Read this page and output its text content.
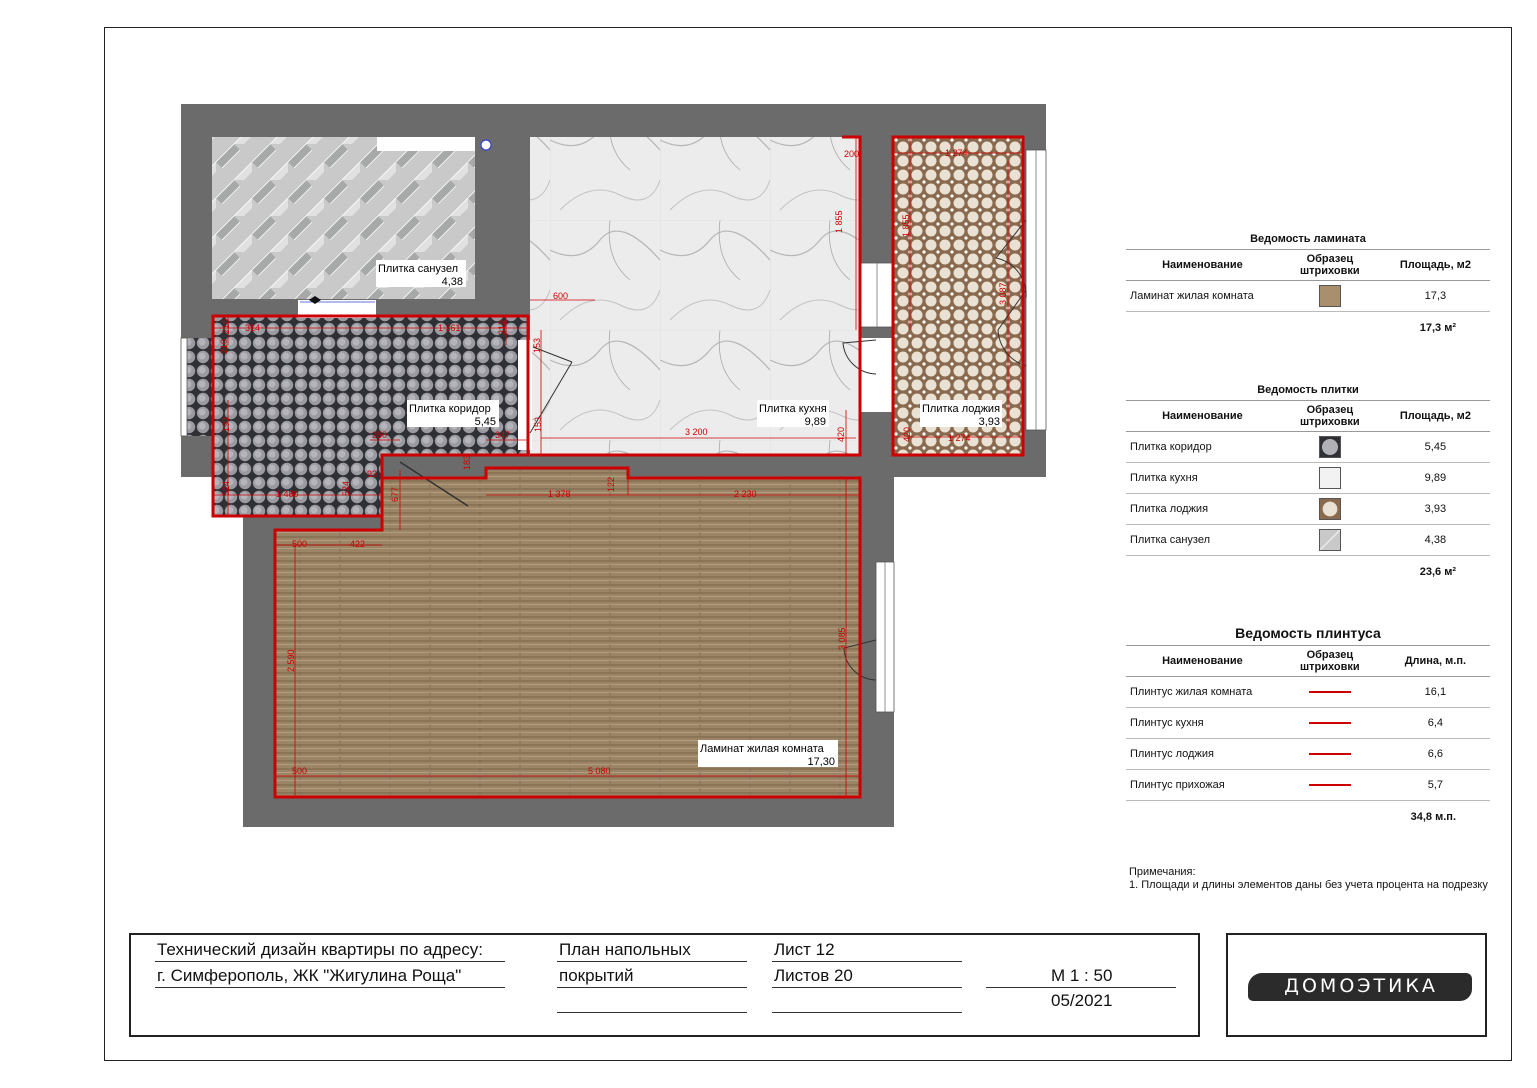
Плитка санузел
4,38
Плитка коридор
5,45
Плитка кухня
9,89
Плитка лоджия
3,93
Ламинат жилая комната
17,30
200	1 274
1 855	1 855
3 087
600
153
3 200	420	420	1 274
210 314	1 361	312
210
193
250	347
153
93
183
1 378
122
2 230
677
524	1 480	524
500	422
2 590
3 085
500	5 080
Ведомость ламината
Наименование	Образец штриховки	Площадь, м2
Ламинат жилая комната		17,3
17,3 м²
Ведомость плитки
Наименование	Образец штриховки	Площадь, м2
Плитка коридор		5,45
Плитка кухня		9,89
Плитка лоджия		3,93
Плитка санузел		4,38
23,6 м²
Ведомость плинтуса
Наименование	Образец штриховки	Длина, м.п.
Плинтус жилая комната		16,1
Плинтус кухня		6,4
Плинтус лоджия		6,6
Плинтус прихожая		5,7
34,8 м.п.
Примечания:
1. Площади и длины элементов даны без учета процента на подрезку
Технический дизайн квартиры по адресу:
г. Симферополь, ЖК "Жигулина Роща"
План напольных
покрытий
Лист 12
Листов 20	М 1 : 50
05/2021
ДОМОЭТИКА
